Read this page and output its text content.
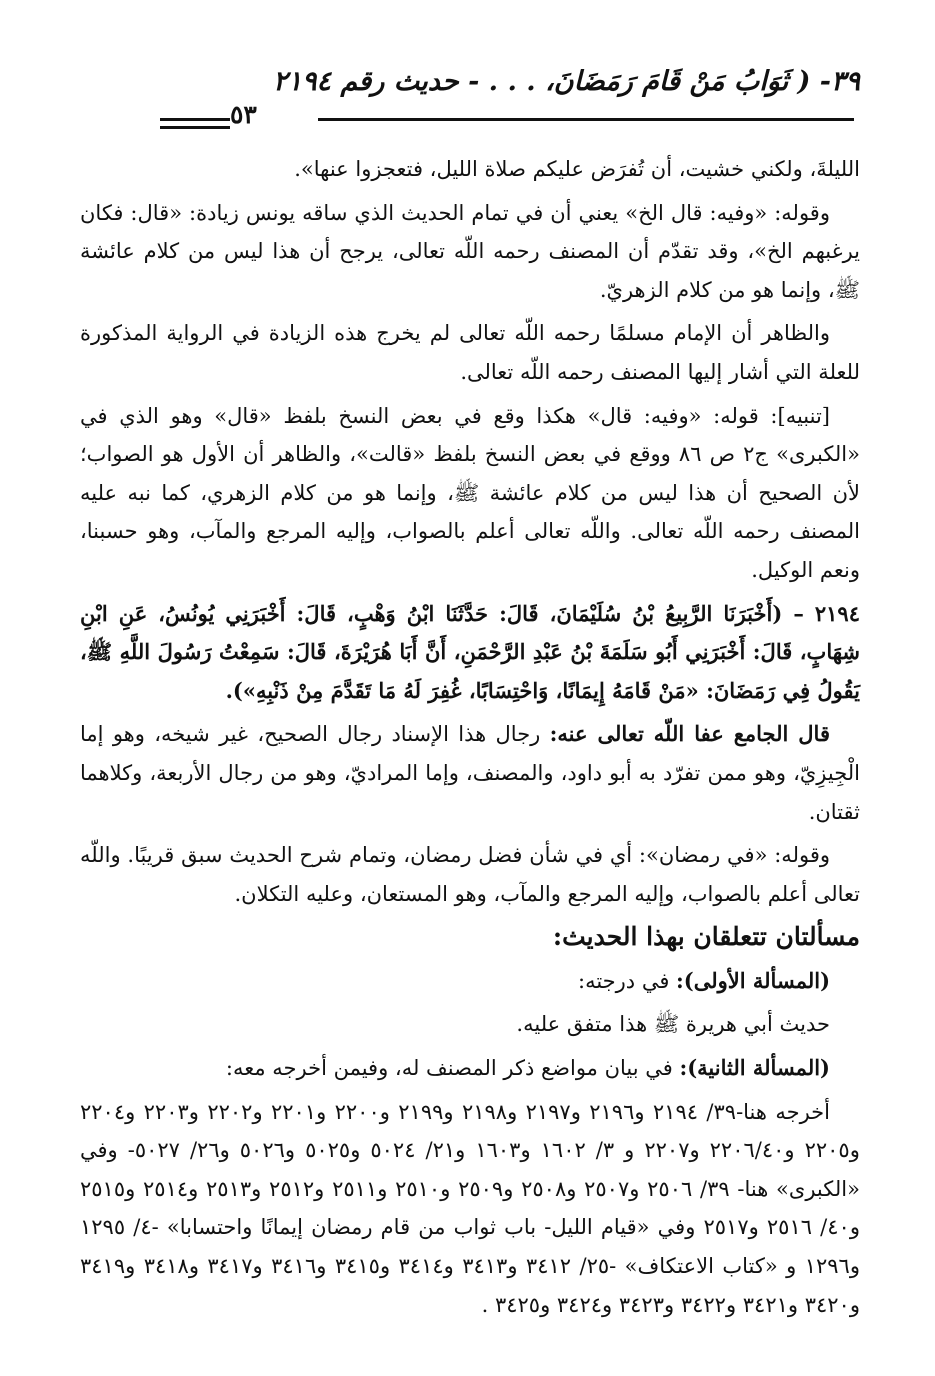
٣٩- ( ثَوَابُ مَنْ قَامَ رَمَضَانَ، . . . - حديث رقم ٢١٩٤
٥٣

الليلةَ، ولكني خشيت، أن تُفرَض عليكم صلاة الليل، فتعجزوا عنها».

وقوله: «وفيه: قال الخ» يعني أن في تمام الحديث الذي ساقه يونس زيادة: «قال: فكان يرغبهم الخ»، وقد تقدّم أن المصنف رحمه اللّه تعالى، يرجح أن هذا ليس من كلام عائشة ﷺ، وإنما هو من كلام الزهريّ.

والظاهر أن الإمام مسلمًا رحمه اللّه تعالى لم يخرج هذه الزيادة في الرواية المذكورة للعلة التي أشار إليها المصنف رحمه اللّه تعالى.

[تنبيه]: قوله: «وفيه: قال» هكذا وقع في بعض النسخ بلفظ «قال» وهو الذي في «الكبرى» ج٢ ص ٨٦ ووقع في بعض النسخ بلفظ «قالت»، والظاهر أن الأول هو الصواب؛ لأن الصحيح أن هذا ليس من كلام عائشة ﷺ، وإنما هو من كلام الزهري، كما نبه عليه المصنف رحمه اللّه تعالى. واللّه تعالى أعلم بالصواب، وإليه المرجع والمآب، وهو حسبنا، ونعم الوكيل.

٢١٩٤ – (أَخْبَرَنَا الرَّبِيعُ بْنُ سُلَيْمَانَ، قَالَ: حَدَّثَنَا ابْنُ وَهْبٍ، قَالَ: أَخْبَرَنِي يُونُسُ، عَنِ ابْنِ شِهَابٍ، قَالَ: أَخْبَرَنِي أَبُو سَلَمَةَ بْنُ عَبْدِ الرَّحْمَنِ، أَنَّ أَبَا هُرَيْرَةَ، قَالَ: سَمِعْتُ رَسُولَ اللَّهِ ﷺ، يَقُولُ فِي رَمَضَانَ: «مَنْ قَامَهُ إِيمَانًا، وَاحْتِسَابًا، غُفِرَ لَهُ مَا تَقَدَّمَ مِنْ ذَنْبِهِ»).

قال الجامع عفا اللّه تعالى عنه: رجال هذا الإسناد رجال الصحيح، غير شيخه، وهو إما الْجِيزِيّ، وهو ممن تفرّد به أبو داود، والمصنف، وإما المراديّ، وهو من رجال الأربعة، وكلاهما ثقتان.

وقوله: «في رمضان»: أي في شأن فضل رمضان، وتمام شرح الحديث سبق قريبًا. واللّه تعالى أعلم بالصواب، وإليه المرجع والمآب، وهو المستعان، وعليه التكلان.

مسألتان تتعلقان بهذا الحديث:

(المسألة الأولى): في درجته:

حديث أبي هريرة ﷺ هذا متفق عليه.

(المسألة الثانية): في بيان مواضع ذكر المصنف له، وفيمن أخرجه معه:

أخرجه هنا-٣٩/ ٢١٩٤ و٢١٩٦ و٢١٩٧ و٢١٩٨ و٢١٩٩ و٢٢٠٠ و٢٢٠١ و٢٢٠٢ و٢٢٠٣ و٢٢٠٤ و٢٢٠٥ و٢٢٠٦/٤٠ و٢٢٠٧ و ٣/ ١٦٠٢ و١٦٠٣ و٢١/ ٥٠٢٤ و٥٠٢٥ و٥٠٢٦ و٢٦/ ٥٠٢٧- وفي «الكبرى» هنا- ٣٩/ ٢٥٠٦ و٢٥٠٧ و٢٥٠٨ و٢٥٠٩ و٢٥١٠ و٢٥١١ و٢٥١٢ و٢٥١٣ و٢٥١٤ و٢٥١٥ و٤٠/ ٢٥١٦ و٢٥١٧ وفي «قيام الليل- باب ثواب من قام رمضان إيمانًا واحتسابا» -٤/ ١٢٩٥ و١٢٩٦ و «كتاب الاعتكاف» -٢٥/ ٣٤١٢ و٣٤١٣ و٣٤١٤ و٣٤١٥ و٣٤١٦ و٣٤١٧ و٣٤١٨ و٣٤١٩ و٣٤٢٠ و٣٤٢١ و٣٤٢٢ و٣٤٢٣ و٣٤٢٤ و٣٤٢٥ .
